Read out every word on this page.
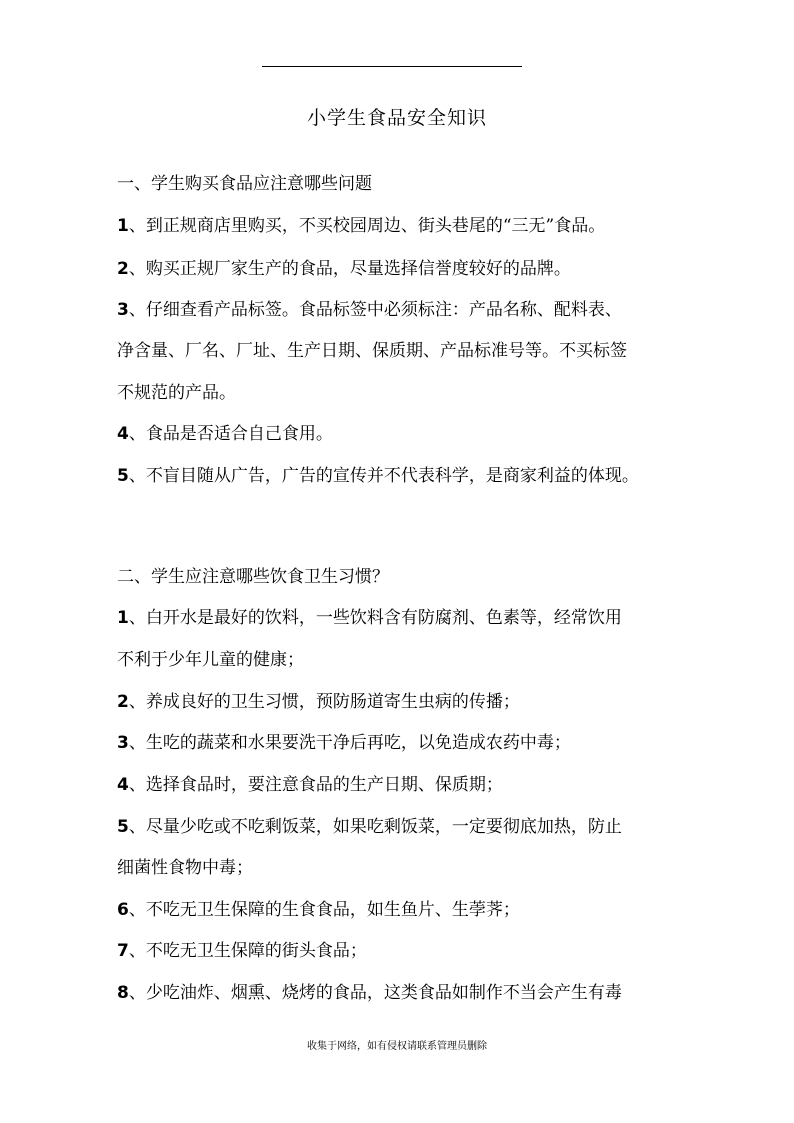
小学生食品安全知识
一、学生购买食品应注意哪些问题
1、到正规商店里购买，不买校园周边、街头巷尾的“三无”食品。
2、购买正规厂家生产的食品，尽量选择信誉度较好的品牌。
3、仔细查看产品标签。食品标签中必须标注：产品名称、配料表、
净含量、厂名、厂址、生产日期、保质期、产品标准号等。不买标签
不规范的产品。
4、食品是否适合自己食用。
5、不盲目随从广告，广告的宣传并不代表科学，是商家利益的体现。
二、学生应注意哪些饮食卫生习惯？
1、白开水是最好的饮料，一些饮料含有防腐剂、色素等，经常饮用
不利于少年儿童的健康；
2、养成良好的卫生习惯，预防肠道寄生虫病的传播；
3、生吃的蔬菜和水果要洗干净后再吃，以免造成农药中毒；
4、选择食品时，要注意食品的生产日期、保质期；
5、尽量少吃或不吃剩饭菜，如果吃剩饭菜，一定要彻底加热，防止
细菌性食物中毒；
6、不吃无卫生保障的生食食品，如生鱼片、生荸荠；
7、不吃无卫生保障的街头食品；
8、少吃油炸、烟熏、烧烤的食品，这类食品如制作不当会产生有毒
收集于网络，如有侵权请联系管理员删除
